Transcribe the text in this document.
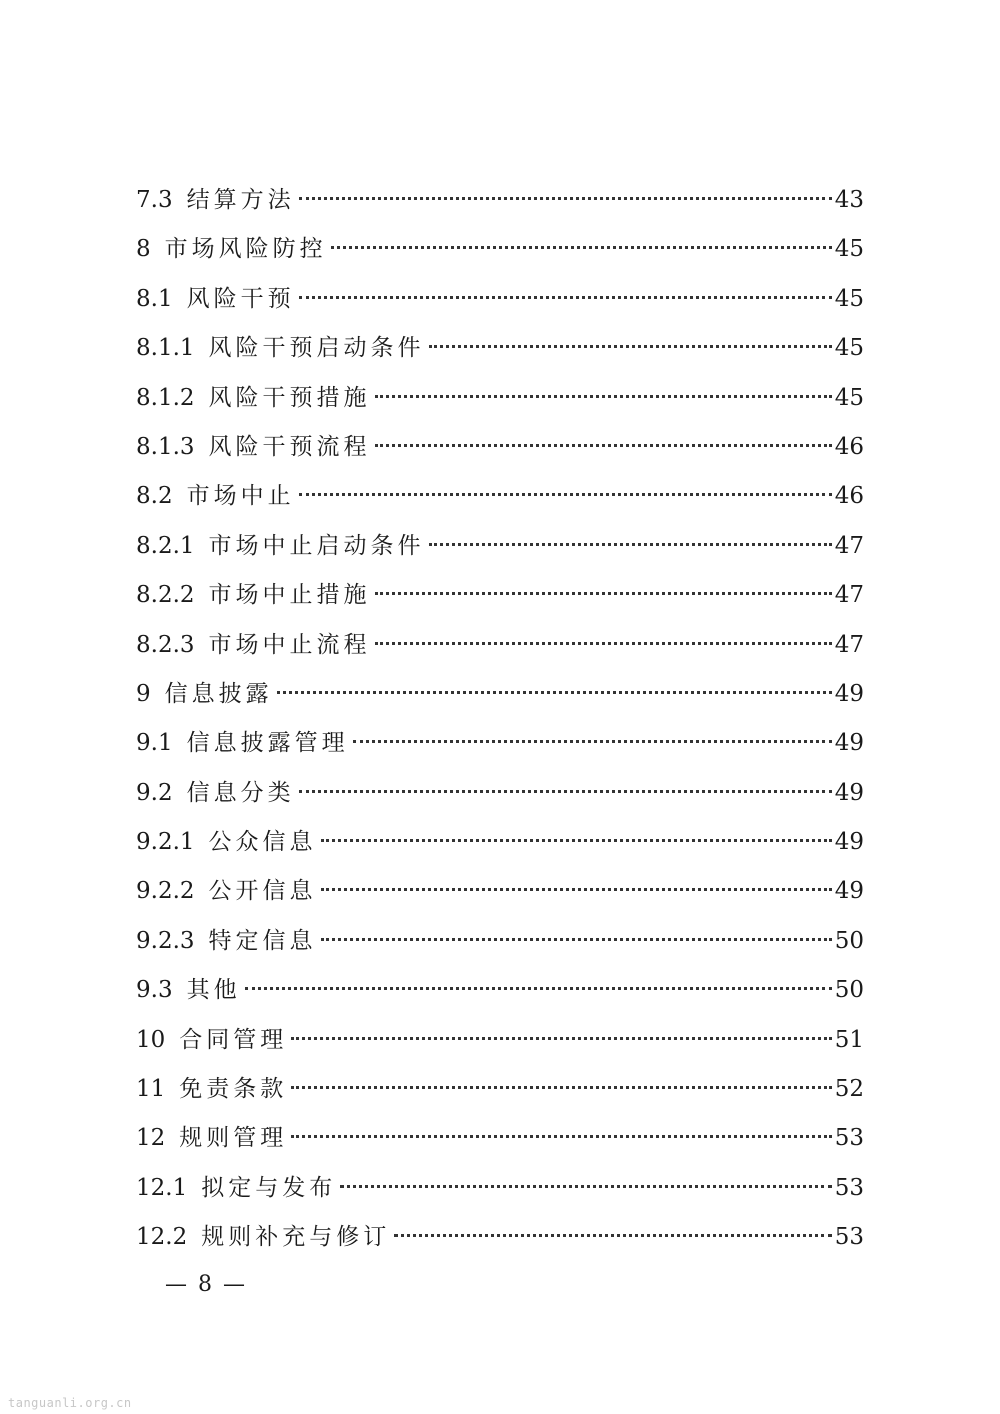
7.3 结算方法	43
8 市场风险防控	45
8.1 风险干预	45
8.1.1 风险干预启动条件	45
8.1.2 风险干预措施	45
8.1.3 风险干预流程	46
8.2 市场中止	46
8.2.1 市场中止启动条件	47
8.2.2 市场中止措施	47
8.2.3 市场中止流程	47
9 信息披露	49
9.1 信息披露管理	49
9.2 信息分类	49
9.2.1 公众信息	49
9.2.2 公开信息	49
9.2.3 特定信息	50
9.3 其他	50
10 合同管理	51
11 免责条款	52
12 规则管理	53
12.1 拟定与发布	53
12.2 规则补充与修订	53
— 8 —
tanguanli.org.cn
